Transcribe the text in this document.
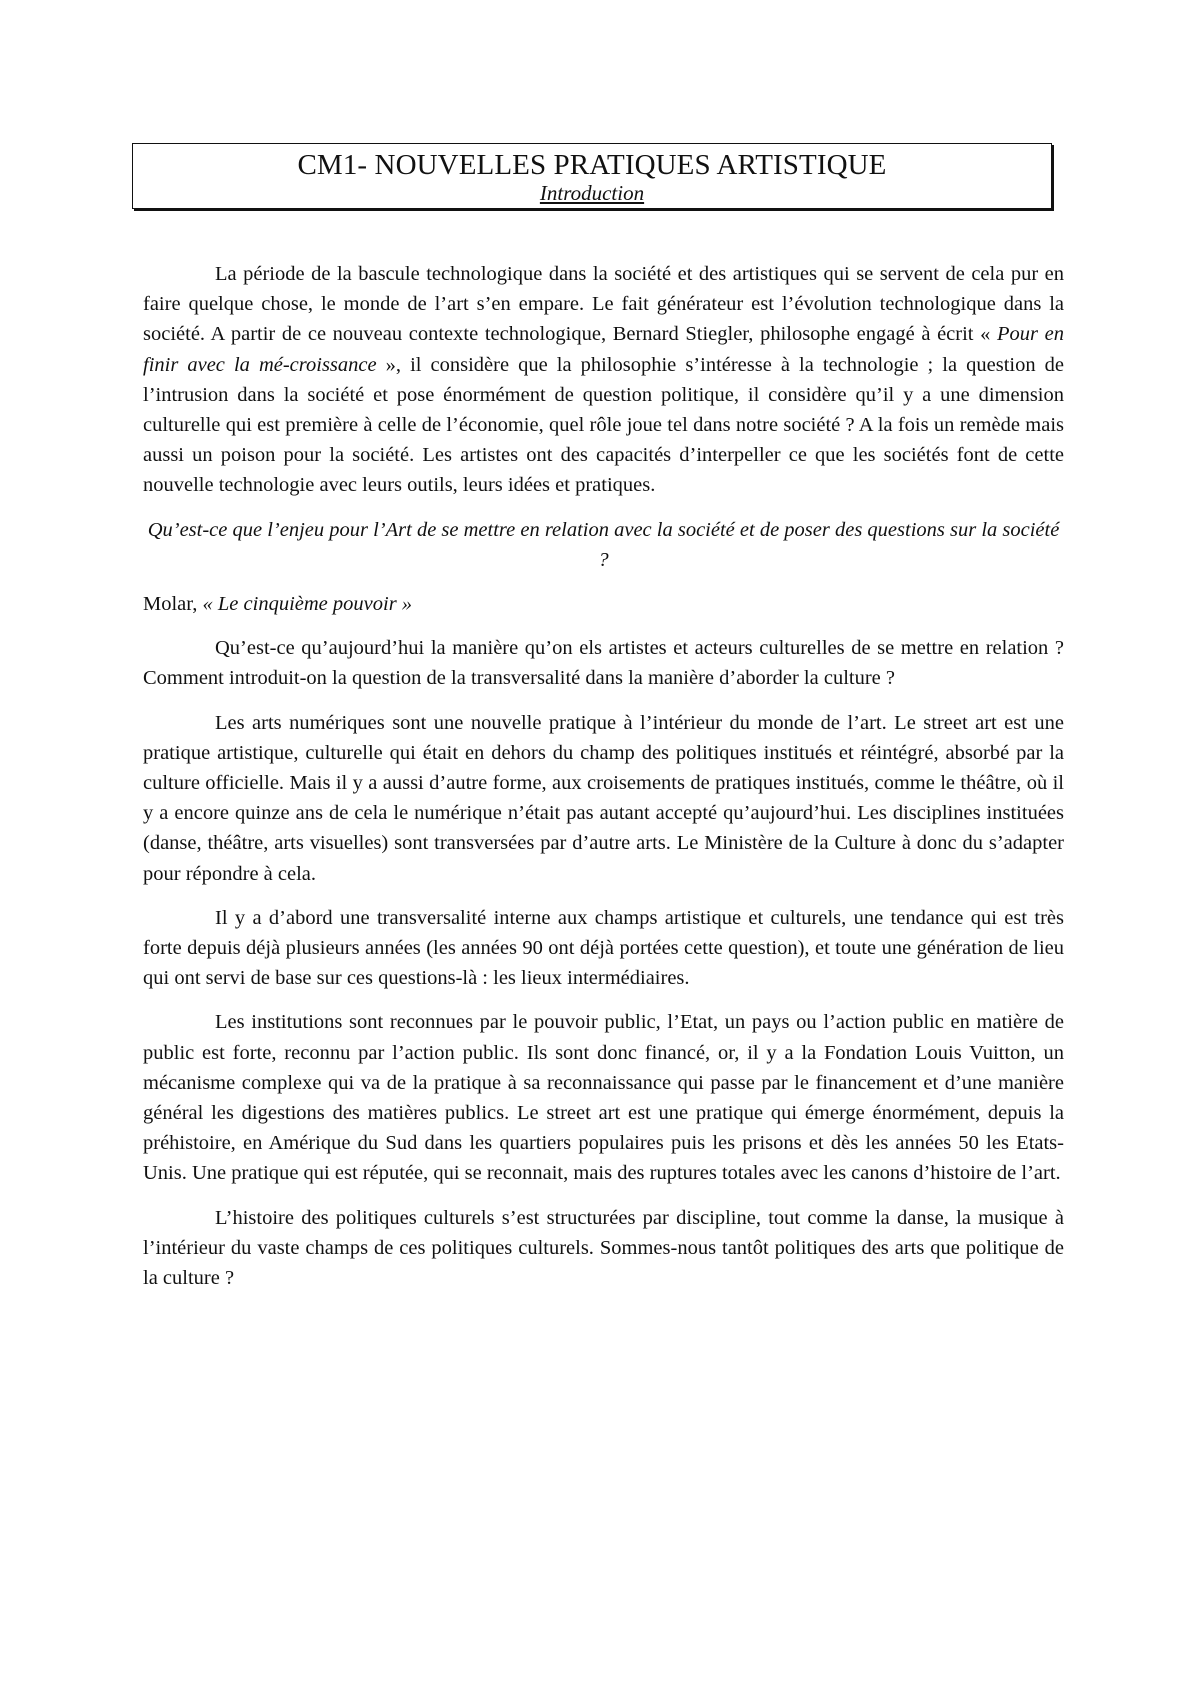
CM1- NOUVELLES PRATIQUES ARTISTIQUE
Introduction

La période de la bascule technologique dans la société et des artistiques qui se servent de cela pur en faire quelque chose, le monde de l’art s’en empare. Le fait générateur est l’évolution technologique dans la société. A partir de ce nouveau contexte technologique, Bernard Stiegler, philosophe engagé à écrit « Pour en finir avec la mé-croissance », il considère que la philosophie s’intéresse à la technologie ; la question de l’intrusion dans la société et pose énormément de question politique, il considère qu’il y a une dimension culturelle qui est première à celle de l’économie, quel rôle joue tel dans notre société ? A la fois un remède mais aussi un poison pour la société. Les artistes ont des capacités d’interpeller ce que les sociétés font de cette nouvelle technologie avec leurs outils, leurs idées et pratiques.

Qu’est-ce que l’enjeu pour l’Art de se mettre en relation avec la société et de poser des questions sur la société ?

Molar, « Le cinquième pouvoir »

Qu’est-ce qu’aujourd’hui la manière qu’on els artistes et acteurs culturelles de se mettre en relation ? Comment introduit-on la question de la transversalité dans la manière d’aborder la culture ?

Les arts numériques sont une nouvelle pratique à l’intérieur du monde de l’art. Le street art est une pratique artistique, culturelle qui était en dehors du champ des politiques institués et réintégré, absorbé par la culture officielle. Mais il y a aussi d’autre forme, aux croisements de pratiques institués, comme le théâtre, où il y a encore quinze ans de cela le numérique n’était pas autant accepté qu’aujourd’hui. Les disciplines instituées (danse, théâtre, arts visuelles) sont transversées par d’autre arts. Le Ministère de la Culture à donc du s’adapter pour répondre à cela.

Il y a d’abord une transversalité interne aux champs artistique et culturels, une tendance qui est très forte depuis déjà plusieurs années (les années 90 ont déjà portées cette question), et toute une génération de lieu qui ont servi de base sur ces questions-là : les lieux intermédiaires.

Les institutions sont reconnues par le pouvoir public, l’Etat, un pays ou l’action public en matière de public est forte, reconnu par l’action public. Ils sont donc financé, or, il y a la Fondation Louis Vuitton, un mécanisme complexe qui va de la pratique à sa reconnaissance qui passe par le financement et d’une manière général les digestions des matières publics. Le street art est une pratique qui émerge énormément, depuis la préhistoire, en Amérique du Sud dans les quartiers populaires puis les prisons et dès les années 50 les Etats-Unis. Une pratique qui est réputée, qui se reconnait, mais des ruptures totales avec les canons d’histoire de l’art.

L’histoire des politiques culturels s’est structurées par discipline, tout comme la danse, la musique à l’intérieur du vaste champs de ces politiques culturels. Sommes-nous tantôt politiques des arts que politique de la culture ?
